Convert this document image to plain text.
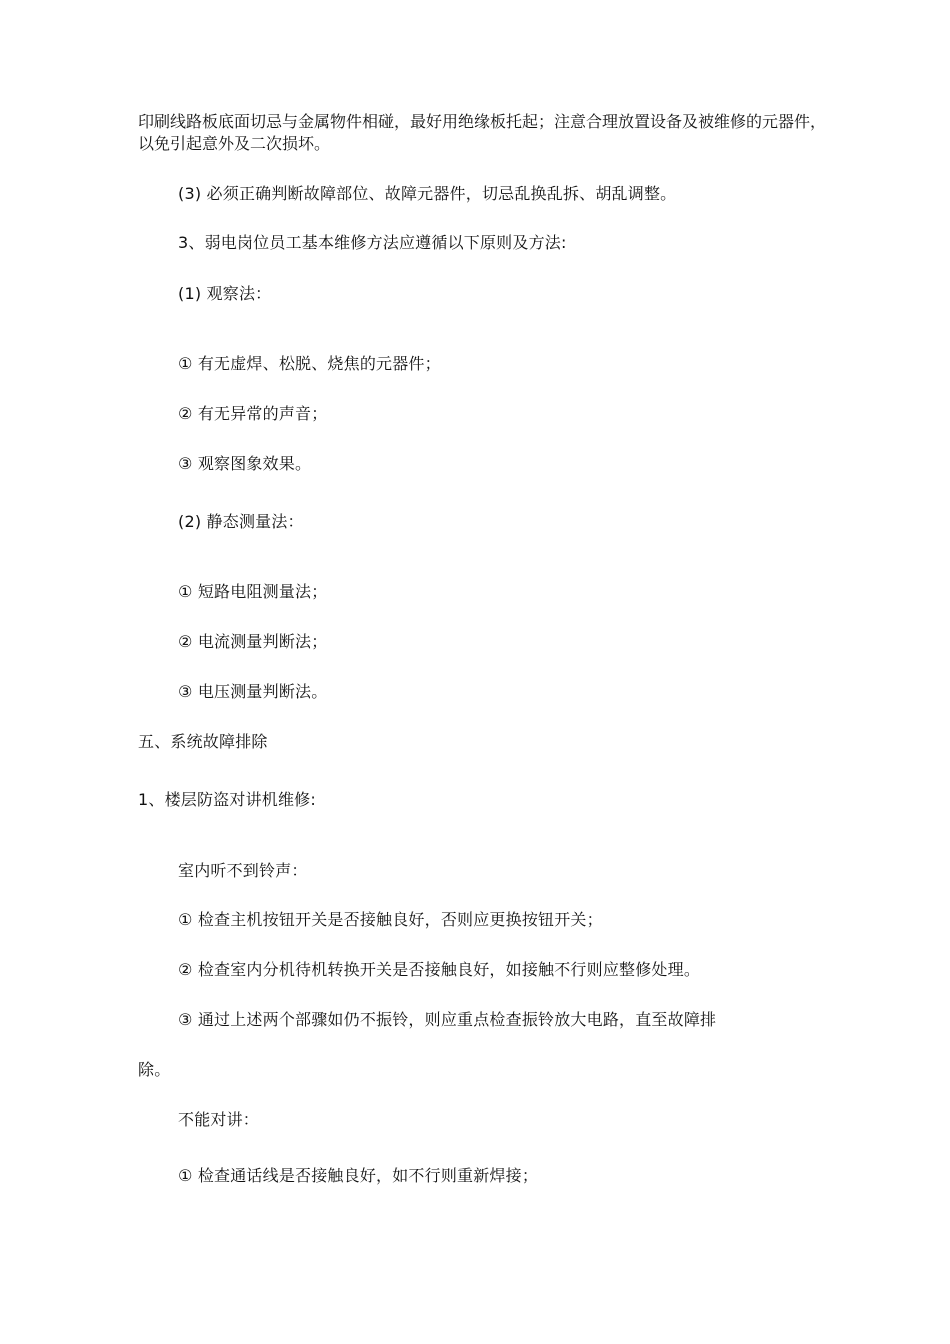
印刷线路板底面切忌与金属物件相碰，最好用绝缘板托起；注意合理放置设备及被维修的元器件，以免引起意外及二次损坏。
(3) 必须正确判断故障部位、故障元器件，切忌乱换乱拆、胡乱调整。
3、弱电岗位员工基本维修方法应遵循以下原则及方法:
(1) 观察法：
① 有无虚焊、松脱、烧焦的元器件；
② 有无异常的声音；
③ 观察图象效果。
(2) 静态测量法：
① 短路电阻测量法；
② 电流测量判断法；
③ 电压测量判断法。
五、系统故障排除
1、楼层防盗对讲机维修:
室内听不到铃声：
① 检查主机按钮开关是否接触良好，否则应更换按钮开关；
② 检查室内分机待机转换开关是否接触良好，如接触不行则应整修处理。
③ 通过上述两个部骤如仍不振铃，则应重点检查振铃放大电路，直至故障排
除。
不能对讲：
① 检查通话线是否接触良好，如不行则重新焊接；
